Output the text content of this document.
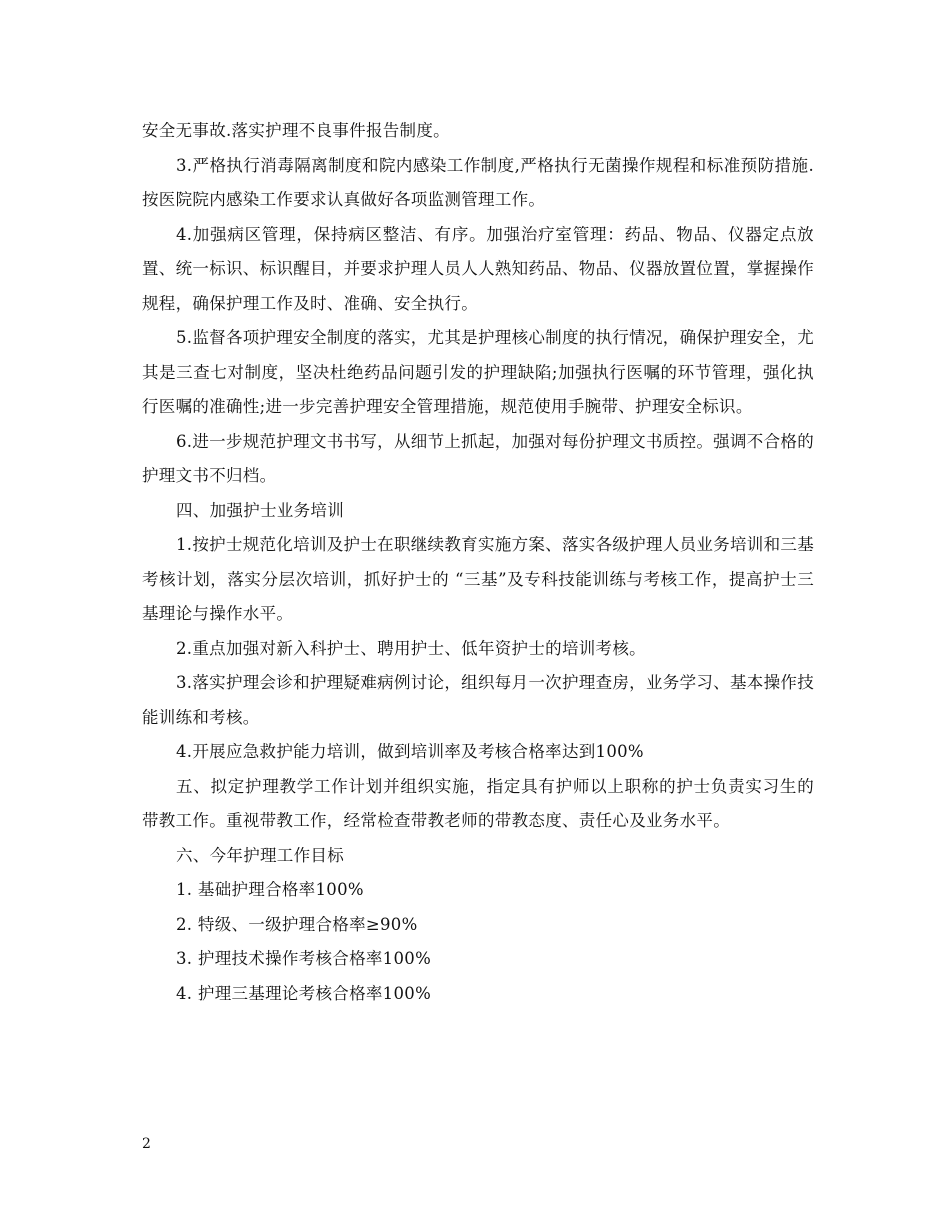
安全无事故.落实护理不良事件报告制度。

3.严格执行消毒隔离制度和院内感染工作制度,严格执行无菌操作规程和标准预防措施.按医院院内感染工作要求认真做好各项监测管理工作。

4.加强病区管理，保持病区整洁、有序。加强治疗室管理：药品、物品、仪器定点放置、统一标识、标识醒目，并要求护理人员人人熟知药品、物品、仪器放置位置，掌握操作规程，确保护理工作及时、准确、安全执行。

5.监督各项护理安全制度的落实，尤其是护理核心制度的执行情况，确保护理安全，尤其是三查七对制度，坚决杜绝药品问题引发的护理缺陷;加强执行医嘱的环节管理，强化执行医嘱的准确性;进一步完善护理安全管理措施，规范使用手腕带、护理安全标识。

6.进一步规范护理文书书写，从细节上抓起，加强对每份护理文书质控。强调不合格的护理文书不归档。

四、加强护士业务培训

1.按护士规范化培训及护士在职继续教育实施方案、落实各级护理人员业务培训和三基考核计划，落实分层次培训，抓好护士的 “三基”及专科技能训练与考核工作，提高护士三基理论与操作水平。

2.重点加强对新入科护士、聘用护士、低年资护士的培训考核。

3.落实护理会诊和护理疑难病例讨论，组织每月一次护理查房，业务学习、基本操作技能训练和考核。

4.开展应急救护能力培训，做到培训率及考核合格率达到100%

五、拟定护理教学工作计划并组织实施，指定具有护师以上职称的护士负责实习生的带教工作。重视带教工作，经常检查带教老师的带教态度、责任心及业务水平。

六、今年护理工作目标

1. 基础护理合格率100%

2. 特级、一级护理合格率≥90%

3. 护理技术操作考核合格率100%

4. 护理三基理论考核合格率100%

2
